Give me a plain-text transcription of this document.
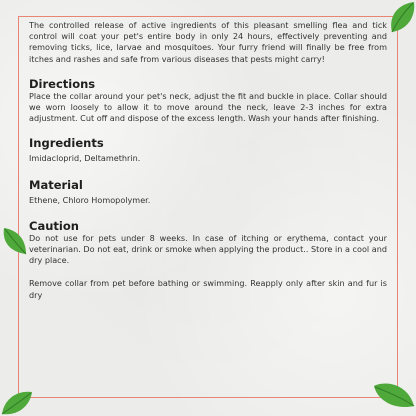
The controlled release of active ingredients of this pleasant smelling flea and tick control will coat your pet's entire body in only 24 hours, effectively preventing and removing ticks, lice, larvae and mosquitoes. Your furry friend will finally be free from itches and rashes and safe from various diseases that pests might carry!

Directions

Place the collar around your pet's neck, adjust the fit and buckle in place. Collar should we worn loosely to allow it to move around the neck, leave 2-3 inches for extra adjustment. Cut off and dispose of the excess length. Wash your hands after finishing.

Ingredients

Imidacloprid, Deltamethrin.

Material

Ethene, Chloro Homopolymer.

Caution

Do not use for pets under 8 weeks. In case of itching or erythema, contact your veterinarian. Do not eat, drink or smoke when applying the product.. Store in a cool and dry place.

Remove collar from pet before bathing or swimming. Reapply only after skin and fur is dry
